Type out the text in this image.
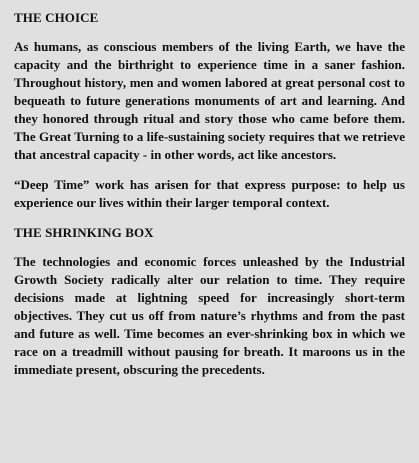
THE CHOICE

As humans, as conscious members of the living Earth, we have the capacity and the birthright to experience time in a saner fashion. Throughout history, men and women labored at great personal cost to bequeath to future generations monuments of art and learning. And they honored through ritual and story those who came before them. The Great Turning to a life-sustaining society requires that we retrieve that ancestral capacity - in other words, act like ancestors.

“Deep Time” work has arisen for that express purpose: to help us experience our lives within their larger temporal context.

THE SHRINKING BOX

The technologies and economic forces unleashed by the Industrial Growth Society radically alter our relation to time. They require decisions made at lightning speed for increasingly short-term objectives. They cut us off from nature’s rhythms and from the past and future as well. Time becomes an ever-shrinking box in which we race on a treadmill without pausing for breath. It maroons us in the immediate present, obscuring the precedents.
